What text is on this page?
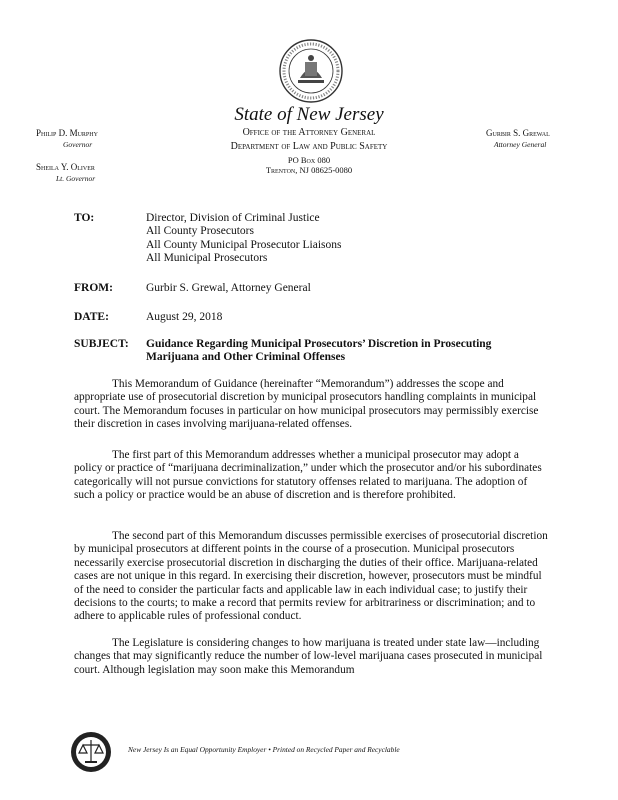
State of New Jersey
Office of the Attorney General
Department of Law and Public Safety
PO Box 080
Trenton, NJ 08625-0080
Philip D. Murphy
Governor
Sheila Y. Oliver
Lt. Governor
Gurbir S. Grewal
Attorney General
TO:	Director, Division of Criminal Justice
All County Prosecutors
All County Municipal Prosecutor Liaisons
All Municipal Prosecutors
FROM:	Gurbir S. Grewal, Attorney General
DATE:	August 29, 2018
SUBJECT: Guidance Regarding Municipal Prosecutors’ Discretion in Prosecuting
Marijuana and Other Criminal Offenses

This Memorandum of Guidance (hereinafter “Memorandum”) addresses the scope and appropriate use of prosecutorial discretion by municipal prosecutors handling complaints in municipal court. The Memorandum focuses in particular on how municipal prosecutors may permissibly exercise their discretion in cases involving marijuana-related offenses.

The first part of this Memorandum addresses whether a municipal prosecutor may adopt a policy or practice of “marijuana decriminalization,” under which the prosecutor and/or his subordinates categorically will not pursue convictions for statutory offenses related to marijuana. The adoption of such a policy or practice would be an abuse of discretion and is therefore prohibited.

The second part of this Memorandum discusses permissible exercises of prosecutorial discretion by municipal prosecutors at different points in the course of a prosecution. Municipal prosecutors necessarily exercise prosecutorial discretion in discharging the duties of their office. Marijuana-related cases are not unique in this regard. In exercising their discretion, however, prosecutors must be mindful of the need to consider the particular facts and applicable law in each individual case; to justify their decisions to the courts; to make a record that permits review for arbitrariness or discrimination; and to adhere to applicable rules of professional conduct.

The Legislature is considering changes to how marijuana is treated under state law—including changes that may significantly reduce the number of low-level marijuana cases prosecuted in municipal court. Although legislation may soon make this Memorandum

New Jersey Is an Equal Opportunity Employer • Printed on Recycled Paper and Recyclable
